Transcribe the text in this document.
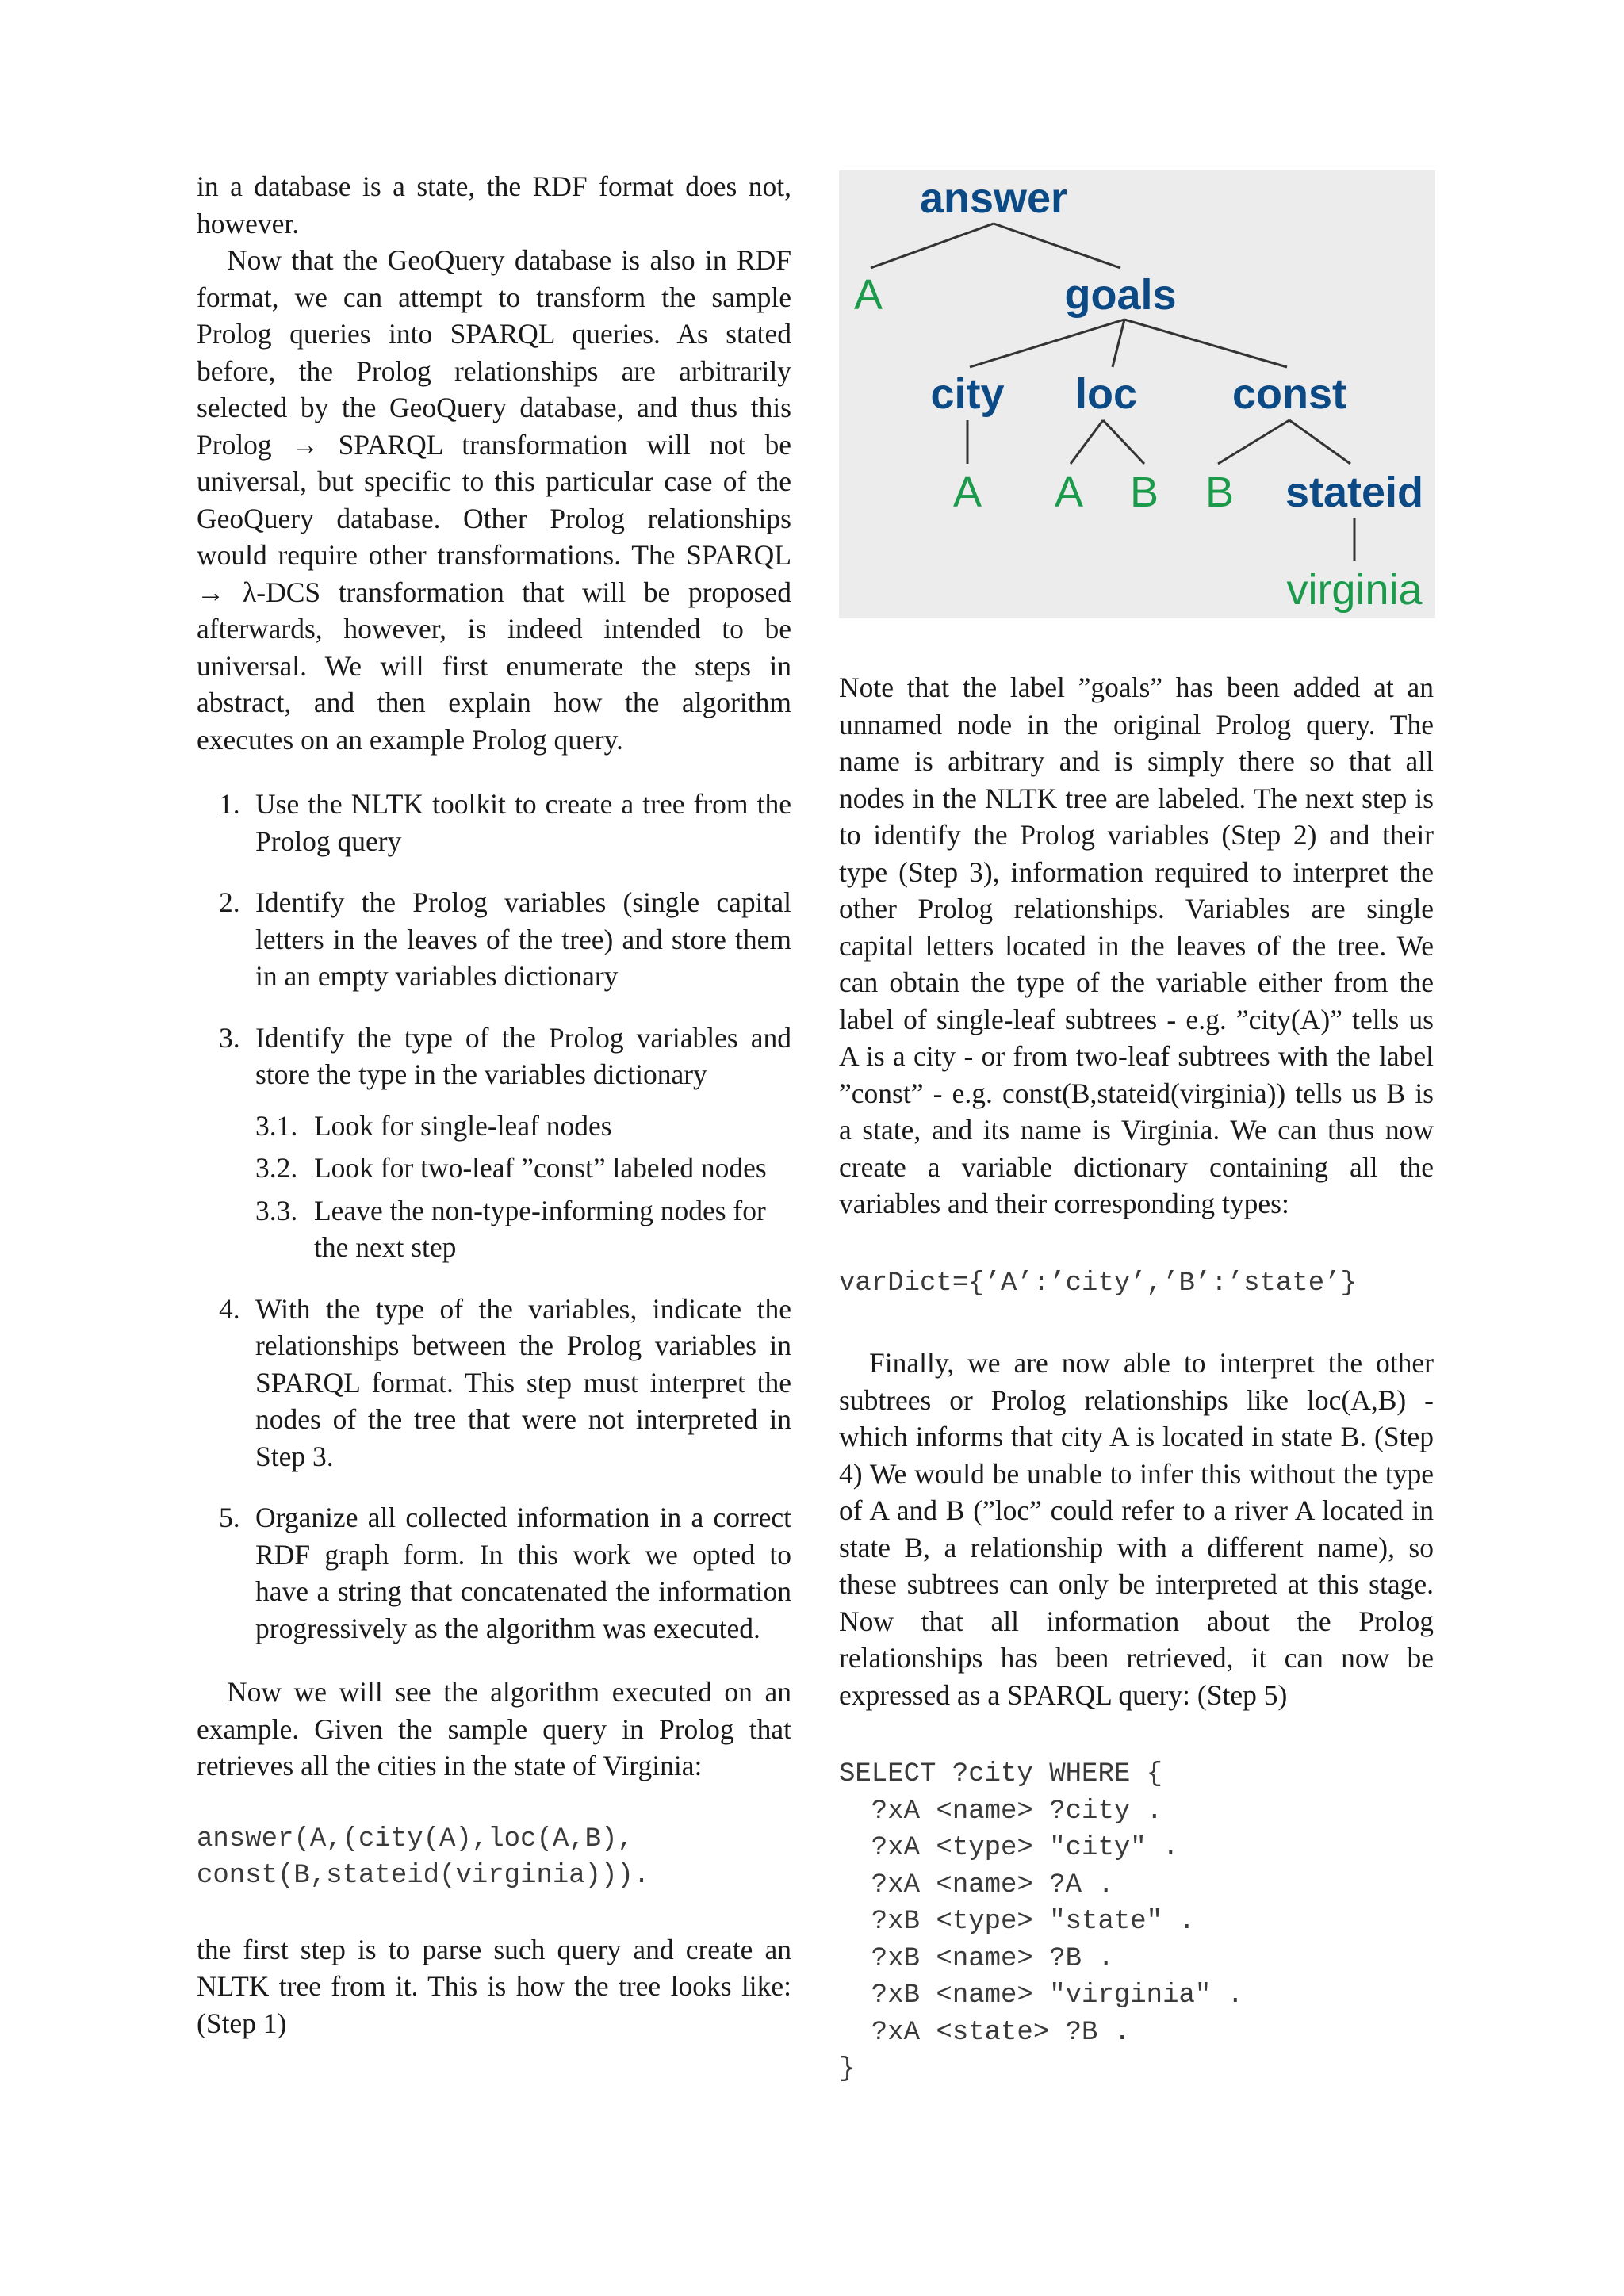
in a database is a state, the RDF format does not, however.

Now that the GeoQuery database is also in RDF format, we can attempt to transform the sample Prolog queries into SPARQL queries. As stated before, the Prolog relationships are arbitrarily selected by the GeoQuery database, and thus this Prolog → SPARQL transformation will not be universal, but specific to this particular case of the GeoQuery database. Other Prolog relationships would require other transformations. The SPARQL → λ-DCS transformation that will be proposed afterwards, however, is indeed intended to be universal. We will first enumerate the steps in abstract, and then explain how the algorithm executes on an example Prolog query.

1. Use the NLTK toolkit to create a tree from the Prolog query
2. Identify the Prolog variables (single capital letters in the leaves of the tree) and store them in an empty variables dictionary
3. Identify the type of the Prolog variables and store the type in the variables dictionary
3.1. Look for single-leaf nodes
3.2. Look for two-leaf ”const” labeled nodes
3.3. Leave the non-type-informing nodes for the next step
4. With the type of the variables, indicate the relationships between the Prolog variables in SPARQL format. This step must interpret the nodes of the tree that were not interpreted in Step 3.
5. Organize all collected information in a correct RDF graph form. In this work we opted to have a string that concatenated the information progressively as the algorithm was executed.

Now we will see the algorithm executed on an example. Given the sample query in Prolog that retrieves all the cities in the state of Virginia:

answer(A,(city(A),loc(A,B),
const(B,stateid(virginia))).

the first step is to parse such query and create an NLTK tree from it. This is how the tree looks like: (Step 1)

answer
goals
city loc const
stateid
A
A A B B
virginia

Note that the label ”goals” has been added at an unnamed node in the original Prolog query. The name is arbitrary and is simply there so that all nodes in the NLTK tree are labeled. The next step is to identify the Prolog variables (Step 2) and their type (Step 3), information required to interpret the other Prolog relationships. Variables are single capital letters located in the leaves of the tree. We can obtain the type of the variable either from the label of single-leaf subtrees - e.g. ”city(A)” tells us A is a city - or from two-leaf subtrees with the label ”const” - e.g. const(B,stateid(virginia)) tells us B is a state, and its name is Virginia. We can thus now create a variable dictionary containing all the variables and their corresponding types:

varDict={’A’:’city’,’B’:’state’}

Finally, we are now able to interpret the other subtrees or Prolog relationships like loc(A,B) - which informs that city A is located in state B. (Step 4) We would be unable to infer this without the type of A and B (”loc” could refer to a river A located in state B, a relationship with a different name), so these subtrees can only be interpreted at this stage. Now that all information about the Prolog relationships has been retrieved, it can now be expressed as a SPARQL query: (Step 5)

SELECT ?city WHERE {
?xA <name> ?city .
?xA <type> "city" .
?xA <name> ?A .
?xB <type> "state" .
?xB <name> ?B .
?xB <name> "virginia" .
?xA <state> ?B .
}
